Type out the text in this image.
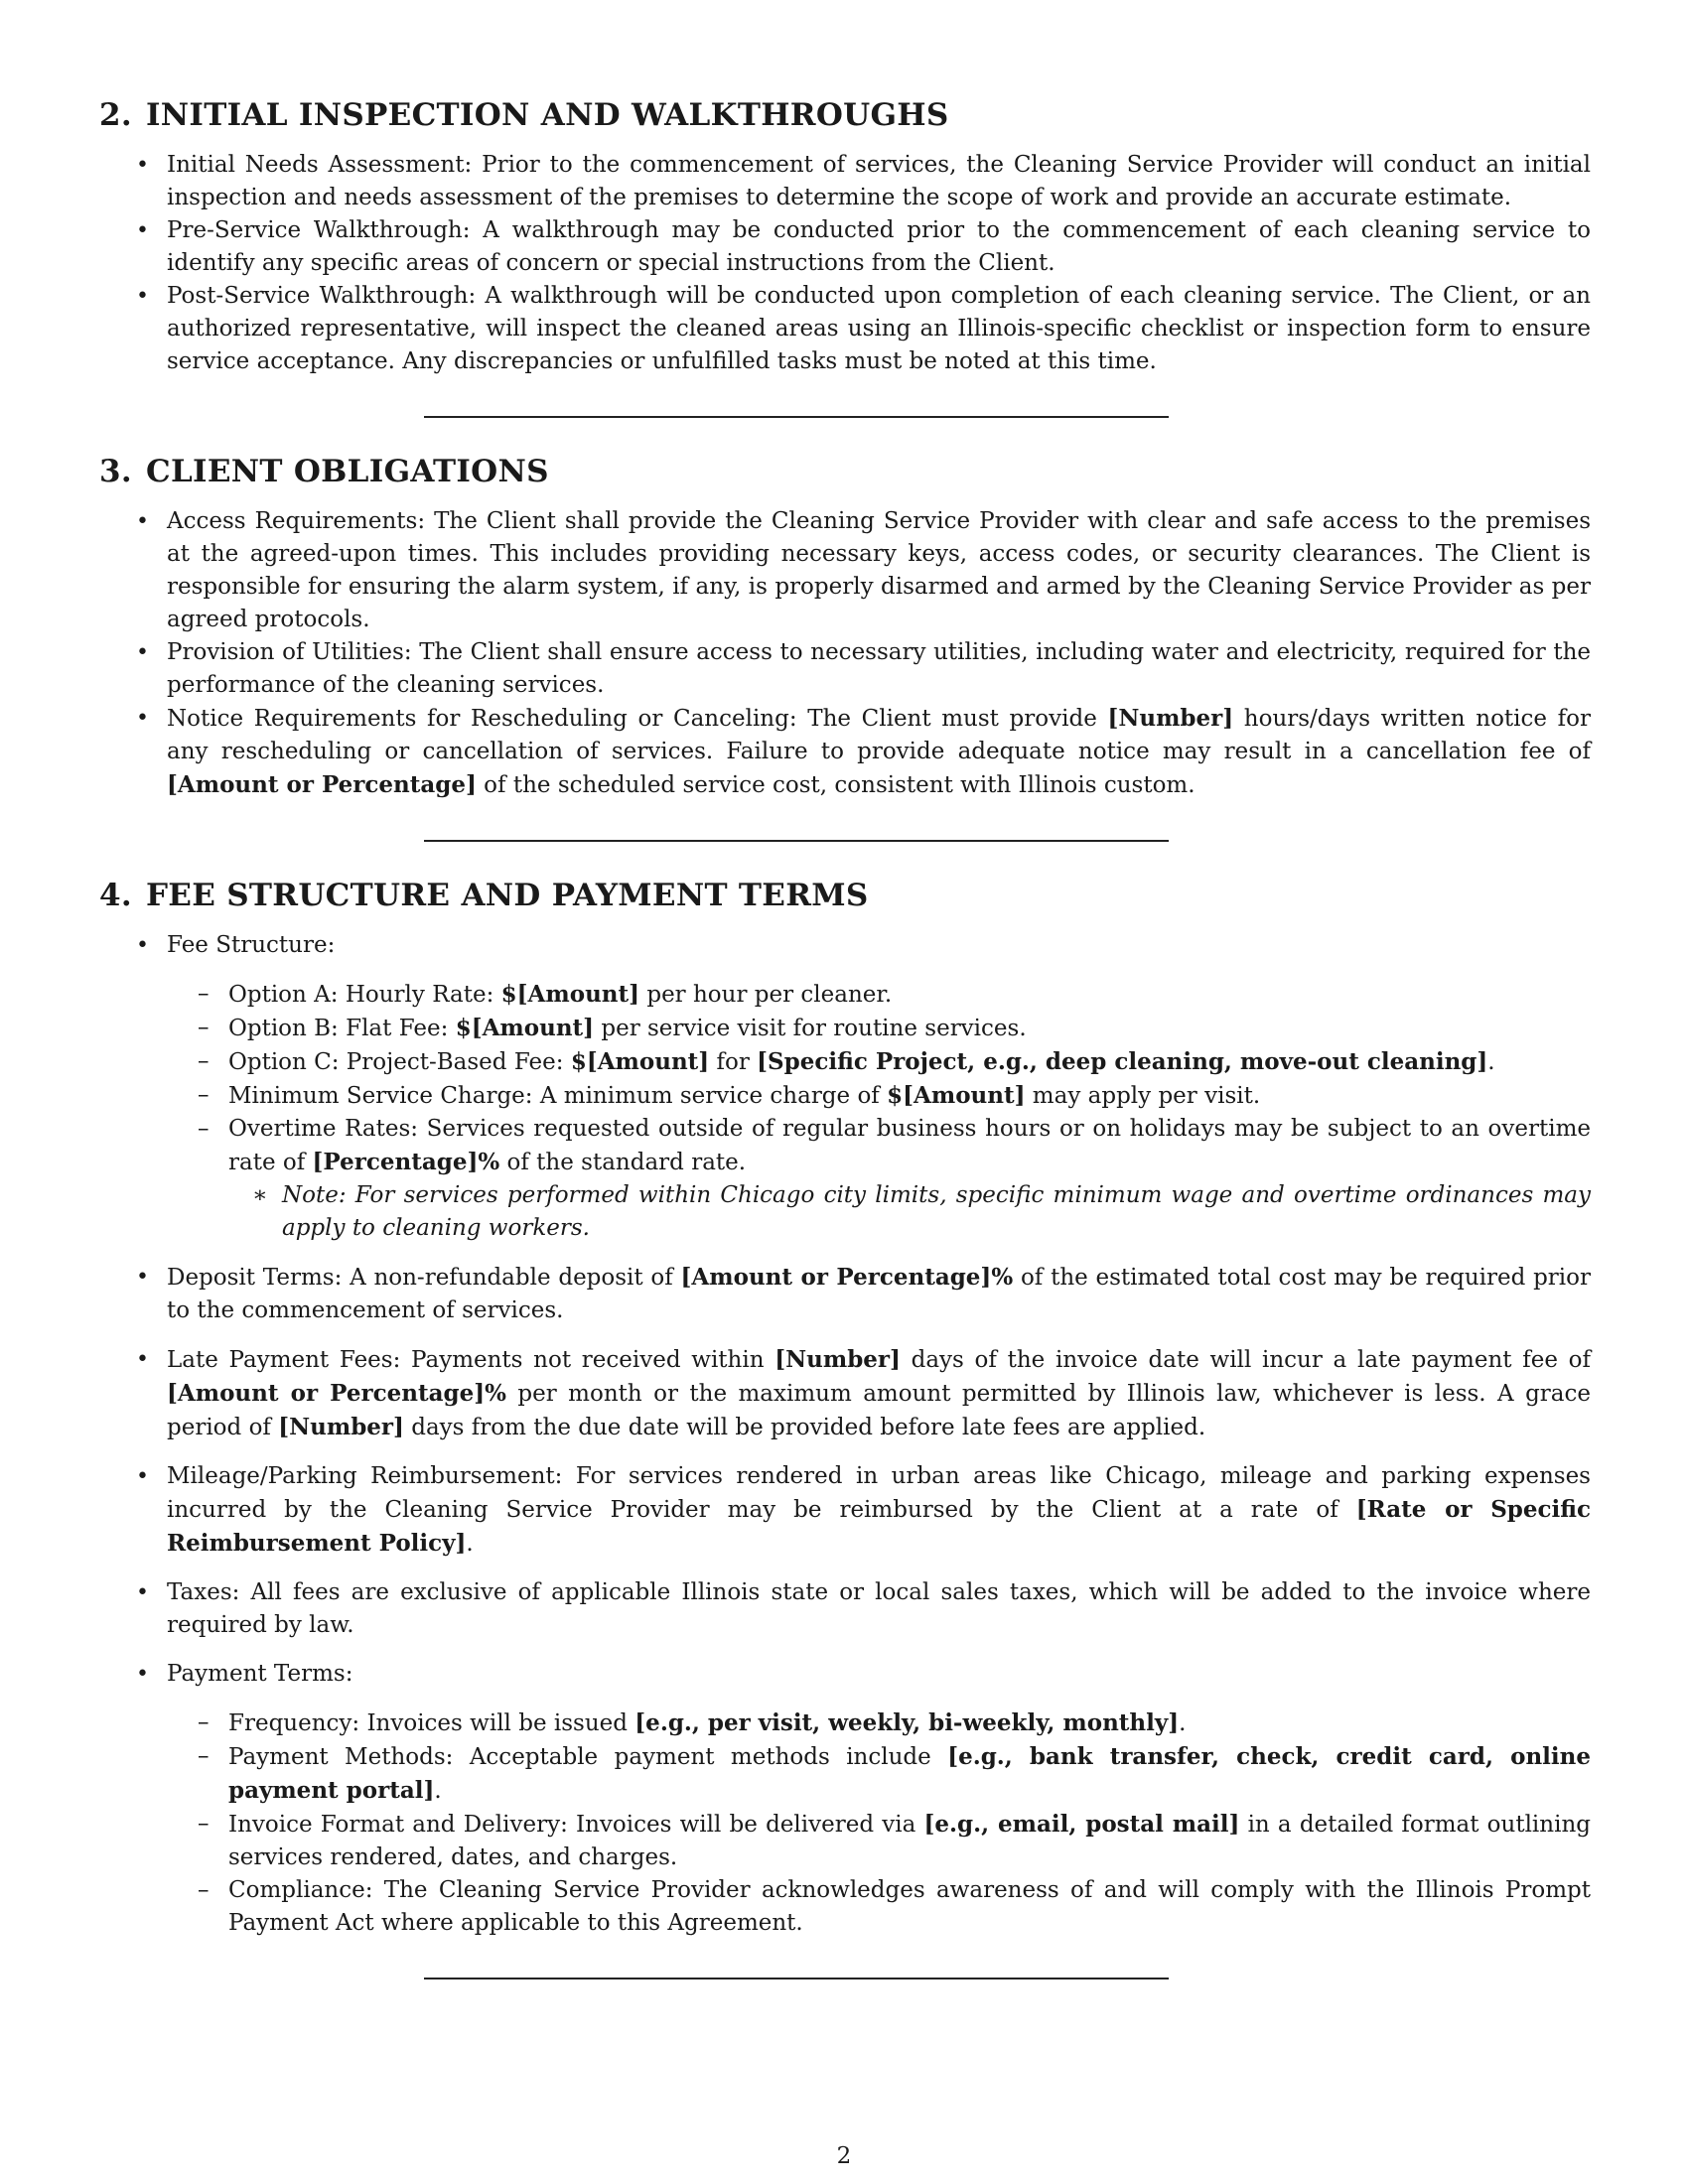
2. INITIAL INSPECTION AND WALKTHROUGHS
• Initial Needs Assessment: Prior to the commencement of services, the Cleaning Service Provider will conduct an initial inspection and needs assessment of the premises to determine the scope of work and provide an accurate estimate.
• Pre-Service Walkthrough: A walkthrough may be conducted prior to the commencement of each cleaning service to identify any specific areas of concern or special instructions from the Client.
• Post-Service Walkthrough: A walkthrough will be conducted upon completion of each cleaning service. The Client, or an authorized representative, will inspect the cleaned areas using an Illinois-specific checklist or inspection form to ensure service acceptance. Any discrepancies or unfulfilled tasks must be noted at this time.
3. CLIENT OBLIGATIONS
• Access Requirements: The Client shall provide the Cleaning Service Provider with clear and safe access to the premises at the agreed-upon times. This includes providing necessary keys, access codes, or security clearances. The Client is responsible for ensuring the alarm system, if any, is properly disarmed and armed by the Cleaning Service Provider as per agreed protocols.
• Provision of Utilities: The Client shall ensure access to necessary utilities, including water and electricity, required for the performance of the cleaning services.
• Notice Requirements for Rescheduling or Canceling: The Client must provide [Number] hours/days written notice for any rescheduling or cancellation of services. Failure to provide adequate notice may result in a cancellation fee of [Amount or Percentage] of the scheduled service cost, consistent with Illinois custom.
4. FEE STRUCTURE AND PAYMENT TERMS
• Fee Structure:
– Option A: Hourly Rate: $[Amount] per hour per cleaner.
– Option B: Flat Fee: $[Amount] per service visit for routine services.
– Option C: Project-Based Fee: $[Amount] for [Specific Project, e.g., deep cleaning, move-out cleaning].
– Minimum Service Charge: A minimum service charge of $[Amount] may apply per visit.
– Overtime Rates: Services requested outside of regular business hours or on holidays may be subject to an overtime rate of [Percentage]% of the standard rate.
∗ Note: For services performed within Chicago city limits, specific minimum wage and overtime ordinances may apply to cleaning workers.
• Deposit Terms: A non-refundable deposit of [Amount or Percentage]% of the estimated total cost may be required prior to the commencement of services.
• Late Payment Fees: Payments not received within [Number] days of the invoice date will incur a late payment fee of [Amount or Percentage]% per month or the maximum amount permitted by Illinois law, whichever is less. A grace period of [Number] days from the due date will be provided before late fees are applied.
• Mileage/Parking Reimbursement: For services rendered in urban areas like Chicago, mileage and parking expenses incurred by the Cleaning Service Provider may be reimbursed by the Client at a rate of [Rate or Specific Reimbursement Policy].
• Taxes: All fees are exclusive of applicable Illinois state or local sales taxes, which will be added to the invoice where required by law.
• Payment Terms:
– Frequency: Invoices will be issued [e.g., per visit, weekly, bi-weekly, monthly].
– Payment Methods: Acceptable payment methods include [e.g., bank transfer, check, credit card, online payment portal].
– Invoice Format and Delivery: Invoices will be delivered via [e.g., email, postal mail] in a detailed format outlining services rendered, dates, and charges.
– Compliance: The Cleaning Service Provider acknowledges awareness of and will comply with the Illinois Prompt Payment Act where applicable to this Agreement.
2
